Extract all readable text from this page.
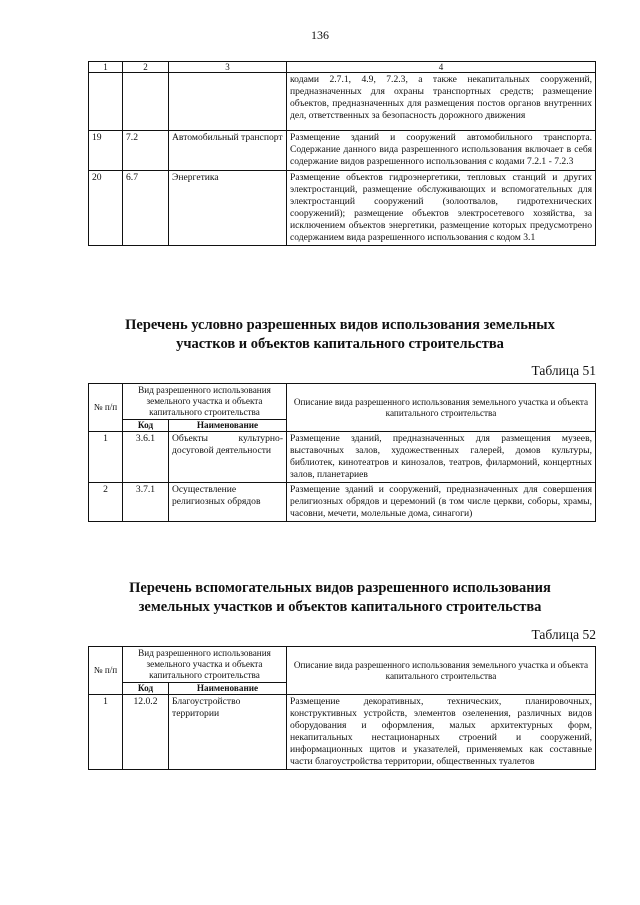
136
1	2	3	4
			кодами 2.7.1, 4.9, 7.2.3, а также некапитальных сооружений, предназначенных для охраны транспортных средств; размещение объектов, предназначенных для размещения постов органов внутренних дел, ответственных за безопасность дорожного движения
19	7.2	Автомобильный транспорт	Размещение зданий и сооружений автомобильного транспорта. Содержание данного вида разрешенного использования включает в себя содержание видов разрешенного использования с кодами 7.2.1 - 7.2.3
20	6.7	Энергетика	Размещение объектов гидроэнергетики, тепловых станций и других электростанций, размещение обслуживающих и вспомогательных для электростанций сооружений (золоотвалов, гидротехнических сооружений); размещение объектов электросетевого хозяйства, за исключением объектов энергетики, размещение которых предусмотрено содержанием вида разрешенного использования с кодом 3.1
Перечень условно разрешенных видов использования земельных
участков и объектов капитального строительства
Таблица 51
№ п/п	Вид разрешенного использования земельного участка и объекта капитального строительства		Описание вида разрешенного использования земельного участка и объекта капитального строительства
	Код	Наименование	
1	3.6.1	Объекты культурно-досуговой деятельности	Размещение зданий, предназначенных для размещения музеев, выставочных залов, художественных галерей, домов культуры, библиотек, кинотеатров и кинозалов, театров, филармоний, концертных залов, планетариев
2	3.7.1	Осуществление религиозных обрядов	Размещение зданий и сооружений, предназначенных для совершения религиозных обрядов и церемоний (в том числе церкви, соборы, храмы, часовни, мечети, молельные дома, синагоги)
Перечень вспомогательных видов разрешенного использования
земельных участков и объектов капитального строительства
Таблица 52
№ п/п	Вид разрешенного использования земельного участка и объекта капитального строительства		Описание вида разрешенного использования земельного участка и объекта капитального строительства
	Код	Наименование	
1	12.0.2	Благоустройство территории	Размещение декоративных, технических, планировочных, конструктивных устройств, элементов озеленения, различных видов оборудования и оформления, малых архитектурных форм, некапитальных нестационарных строений и сооружений, информационных щитов и указателей, применяемых как составные части благоустройства территории, общественных туалетов
